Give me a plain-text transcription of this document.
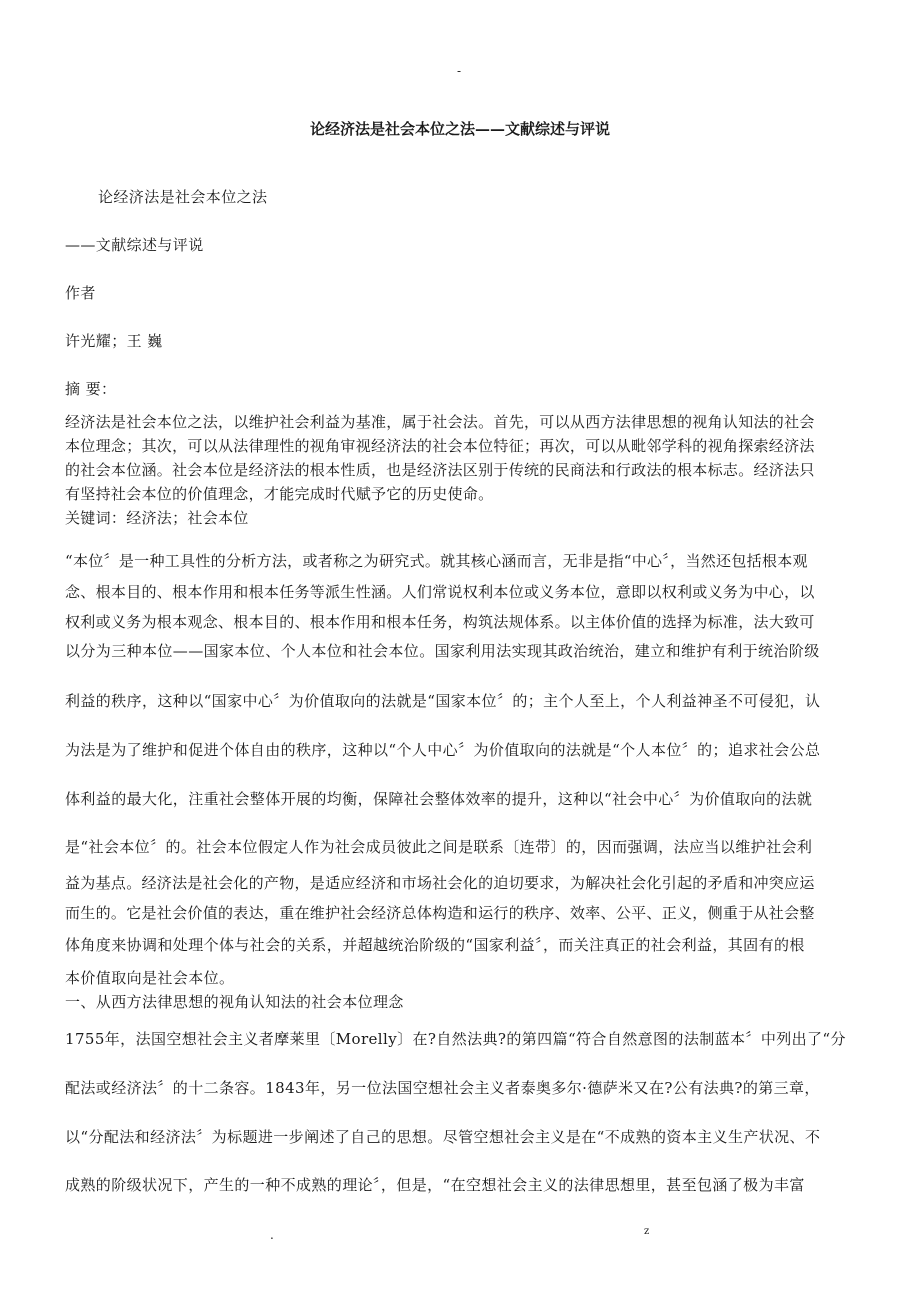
-
论经济法是社会本位之法——文献综述与评说
论经济法是社会本位之法
——文献综述与评说
作者
许光耀；王 巍
摘 要：
经济法是社会本位之法，以维护社会利益为基准，属于社会法。首先，可以从西方法律思想的视角认知法的社会
本位理念；其次，可以从法律理性的视角审视经济法的社会本位特征；再次，可以从毗邻学科的视角探索经济法
的社会本位涵。社会本位是经济法的根本性质，也是经济法区别于传统的民商法和行政法的根本标志。经济法只
有坚持社会本位的价值理念，才能完成时代赋予它的历史使命。
关键词：经济法；社会本位
“本位〞是一种工具性的分析方法，或者称之为研究式。就其核心涵而言，无非是指“中心〞，当然还包括根本观
念、根本目的、根本作用和根本任务等派生性涵。人们常说权利本位或义务本位，意即以权利或义务为中心，以
权利或义务为根本观念、根本目的、根本作用和根本任务，构筑法规体系。以主体价值的选择为标准，法大致可
以分为三种本位——国家本位、个人本位和社会本位。国家利用法实现其政治统治，建立和维护有利于统治阶级
利益的秩序，这种以“国家中心〞为价值取向的法就是“国家本位〞的；主个人至上，个人利益神圣不可侵犯，认
为法是为了维护和促进个体自由的秩序，这种以“个人中心〞为价值取向的法就是“个人本位〞的；追求社会公总
体利益的最大化，注重社会整体开展的均衡，保障社会整体效率的提升，这种以“社会中心〞为价值取向的法就
是“社会本位〞的。社会本位假定人作为社会成员彼此之间是联系〔连带〕的，因而强调，法应当以维护社会利
益为基点。经济法是社会化的产物，是适应经济和市场社会化的迫切要求，为解决社会化引起的矛盾和冲突应运
而生的。它是社会价值的表达，重在维护社会经济总体构造和运行的秩序、效率、公平、正义，侧重于从社会整
体角度来协调和处理个体与社会的关系，并超越统治阶级的“国家利益〞，而关注真正的社会利益，其固有的根
本价值取向是社会本位。
一、从西方法律思想的视角认知法的社会本位理念
1755年，法国空想社会主义者摩莱里〔Morelly〕在?自然法典?的第四篇“符合自然意图的法制蓝本〞中列出了“分
配法或经济法〞的十二条容。1843年，另一位法国空想社会主义者泰奥多尔·德萨米又在?公有法典?的第三章，
以“分配法和经济法〞为标题进一步阐述了自己的思想。尽管空想社会主义是在“不成熟的资本主义生产状况、不
成熟的阶级状况下，产生的一种不成熟的理论〞，但是，“在空想社会主义的法律思想里，甚至包涵了极为丰富
.	z
